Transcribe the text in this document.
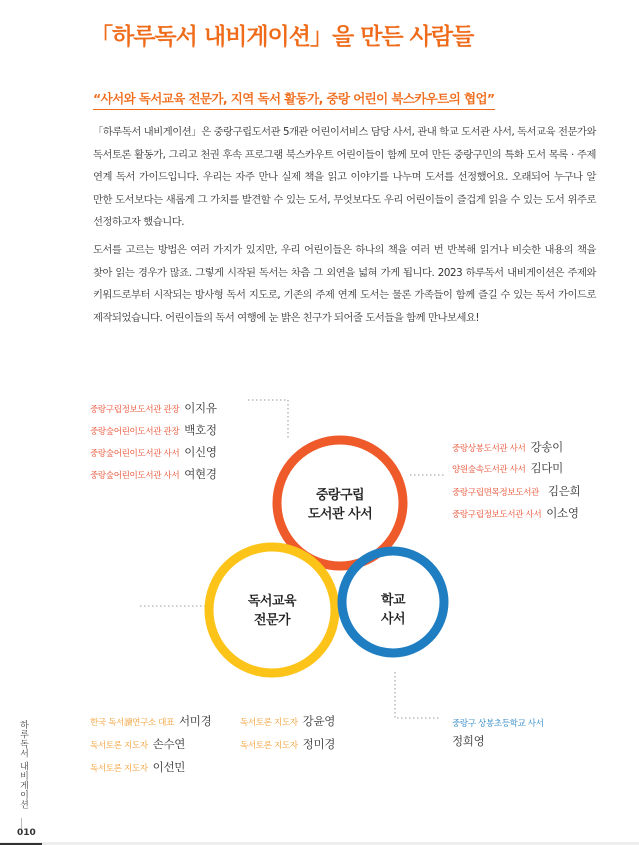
「하루독서 내비게이션」을 만든 사람들
“사서와 독서교육 전문가, 지역 독서 활동가, 중랑 어린이 북스카우트의 협업”

「하루독서 내비게이션」은 중랑구립도서관 5개관 어린이서비스 담당 사서, 관내 학교 도서관 사서, 독서교육 전문가와 독서토론 활동가, 그리고 천권 후속 프로그램 북스카우트 어린이들이 함께 모여 만든 중랑구민의 특화 도서 목록 · 주제 연계 독서 가이드입니다. 우리는 자주 만나 실제 책을 읽고 이야기를 나누며 도서를 선정했어요. 오래되어 누구나 알 만한 도서보다는 새롭게 그 가치를 발견할 수 있는 도서, 무엇보다도 우리 어린이들이 즐겁게 읽을 수 있는 도서 위주로 선정하고자 했습니다.

도서를 고르는 방법은 여러 가지가 있지만, 우리 어린이들은 하나의 책을 여러 번 반복해 읽거나 비슷한 내용의 책을 찾아 읽는 경우가 많죠. 그렇게 시작된 독서는 차츰 그 외연을 넓혀 가게 됩니다. 2023 하루독서 내비게이션은 주제와 키워드로부터 시작되는 방사형 독서 지도로, 기존의 주제 연계 도서는 물론 가족들이 함께 즐길 수 있는 독서 가이드로 제작되었습니다. 어린이들의 독서 여행에 눈 밝은 친구가 되어줄 도서들을 함께 만나보세요!

중랑구립
도서관 사서
독서교육
전문가
학교
사서
중랑구립정보도서관 관장 이지유
중랑숲어린이도서관 관장 백호정
중랑숲어린이도서관 사서 이신영
중랑숲어린이도서관 사서 여현경
중랑상봉도서관 사서 강송이
양원숲속도서관 사서 김다미
중랑구립면목정보도서관 김은희
중랑구립정보도서관 사서 이소영
한국 독서讀연구소 대표 서미경
독서토론 지도자 손수연
독서토론 지도자 이선민
독서토론 지도자 강윤영
독서토론 지도자 정미경
중랑구 상봉초등학교 사서
정희영
하루독서 내비게이션
010
